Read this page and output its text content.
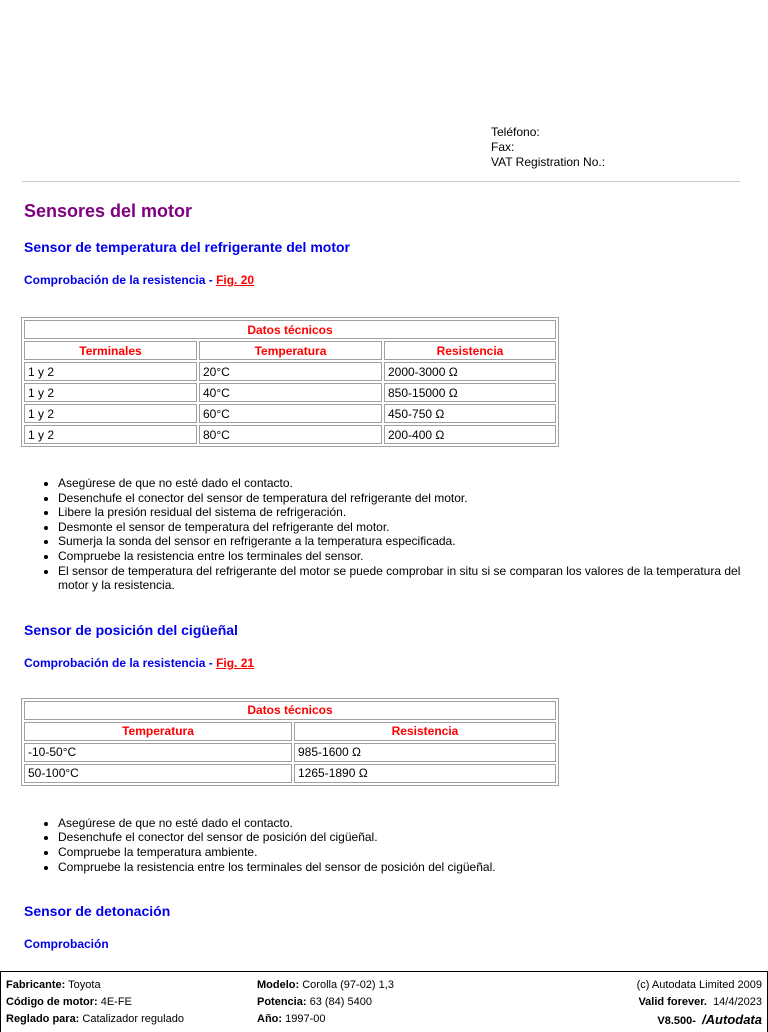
Teléfono:
Fax:
VAT Registration No.:
Sensores del motor
Sensor de temperatura del refrigerante del motor
Comprobación de la resistencia - Fig. 20
Datos técnicos		
Terminales	Temperatura	Resistencia
1 y 2	20°C	2000-3000 Ω
1 y 2	40°C	850-15000 Ω
1 y 2	60°C	450-750 Ω
1 y 2	80°C	200-400 Ω
• Asegúrese de que no esté dado el contacto.
• Desenchufe el conector del sensor de temperatura del refrigerante del motor.
• Libere la presión residual del sistema de refrigeración.
• Desmonte el sensor de temperatura del refrigerante del motor.
• Sumerja la sonda del sensor en refrigerante a la temperatura especificada.
• Compruebe la resistencia entre los terminales del sensor.
• El sensor de temperatura del refrigerante del motor se puede comprobar in situ si se comparan los valores de la temperatura del motor y la resistencia.
Sensor de posición del cigüeñal
Comprobación de la resistencia - Fig. 21
Datos técnicos	
Temperatura	Resistencia
-10-50°C	985-1600 Ω
50-100°C	1265-1890 Ω
• Asegúrese de que no esté dado el contacto.
• Desenchufe el conector del sensor de posición del cigüeñal.
• Compruebe la temperatura ambiente.
• Compruebe la resistencia entre los terminales del sensor de posición del cigüeñal.
Sensor de detonación
Comprobación
Fabricante: Toyota
Código de motor: 4E-FE
Reglado para: Catalizador regulado
Modelo: Corolla (97-02) 1,3
Potencia: 63 (84) 5400
Año: 1997-00
(c) Autodata Limited 2009
Valid forever. 14/4/2023
V8.500- /Autodata
